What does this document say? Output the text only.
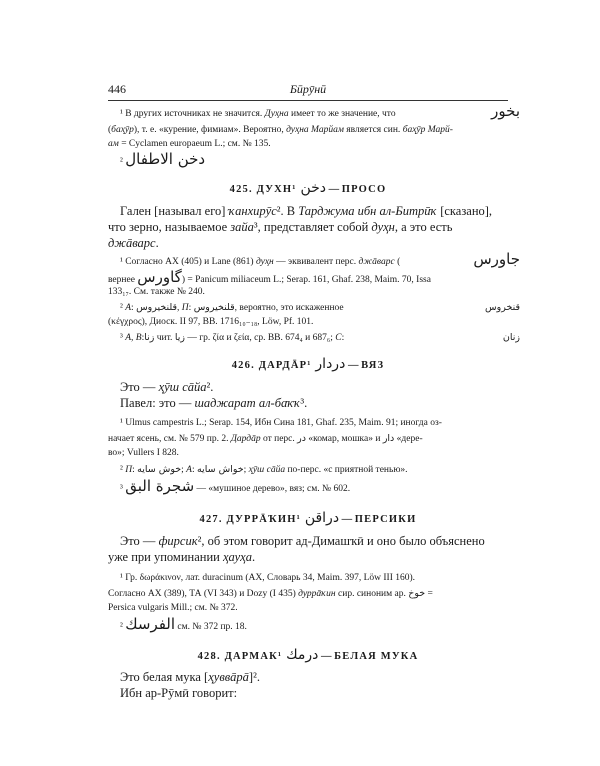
446	Бӣрӯнӣ
¹ В других источниках не значится. Дуҳна имеет то же значение, что	بخور
(баҳӯр), т. е. «курение, фимиам». Вероятно, дуҳна Марйам является син. баҳӯр Марй-
ам = Cyclamen europaeum L.; см. № 135.
² دخن الاطفال
425. ДУХН¹ دخن — ПРОСО
Гален [называл его] ҡанхирӯс². В Тарджума ибн ал-Битрӣҡ [сказано],
что зерно, называемое зайа³, представляет собой дуҳн, а это есть
джāварс.
¹ Согласно АХ (405) и Lane (861) дуҳн — эквивалент перс. джāварс (	جاورس
вернее گاورس) = Panicum miliaceum L.; Serap. 161, Ghaf. 238, Maim. 70, Issa
133₁₇. См. также № 240.
² A: قلنخيروس, П: قلنخيروس, вероятно, это искаженное	قنخروس
(κέγχρος), Диоск. II 97, BB. 1716₁₀₋₁₈, Löw, Pf. 101.
³ A, B:زنا чит. زيا — гр. ζία и ζεία, ср. BB. 674₄ и 687₆; C:	زنان
426. ДАРДĀР¹ دردار — ВЯЗ
Это — ҳӯш сāйа².
Павел: это — шаджарат ал-баҡҡ³.
¹ Ulmus campestris L.; Serap. 154, Ибн Сина 181, Ghaf. 235, Maim. 91; иногда оз-
начает ясень, см. № 579 пр. 2. Дардāр от перс. در «комар, мошка» и دار «дере-
во»; Vullers I 828.
² П: خوش سايه; A: خواش سايه; ҳӯш сāйа по-перс. «с приятной тенью».
³ شجرة البق — «мушиное дерево», вяз; см. № 602.
427. ДУРРĀҠИН¹ دراقن — ПЕРСИКИ
Это — фирсик², об этом говорит ад-Димашҡӣ и оно было объяснено
уже при упоминании ҳауҳа.
¹ Гр. δωράκινον, лат. duracinum (АХ, Словарь 34, Maim. 397, Löw III 160).
Согласно АХ (389), ТА (VI 343) и Dozy (I 435) дуррāҡин сир. синоним ар. خوخ =
Persica vulgaris Mill.; см. № 372.
² الفرسك см. № 372 пр. 18.
428. ДАРМАК¹ درمك — БЕЛАЯ МУКА
Это белая мука [ҳуввāрā]².
Ибн ар-Рӯмӣ говорит:
